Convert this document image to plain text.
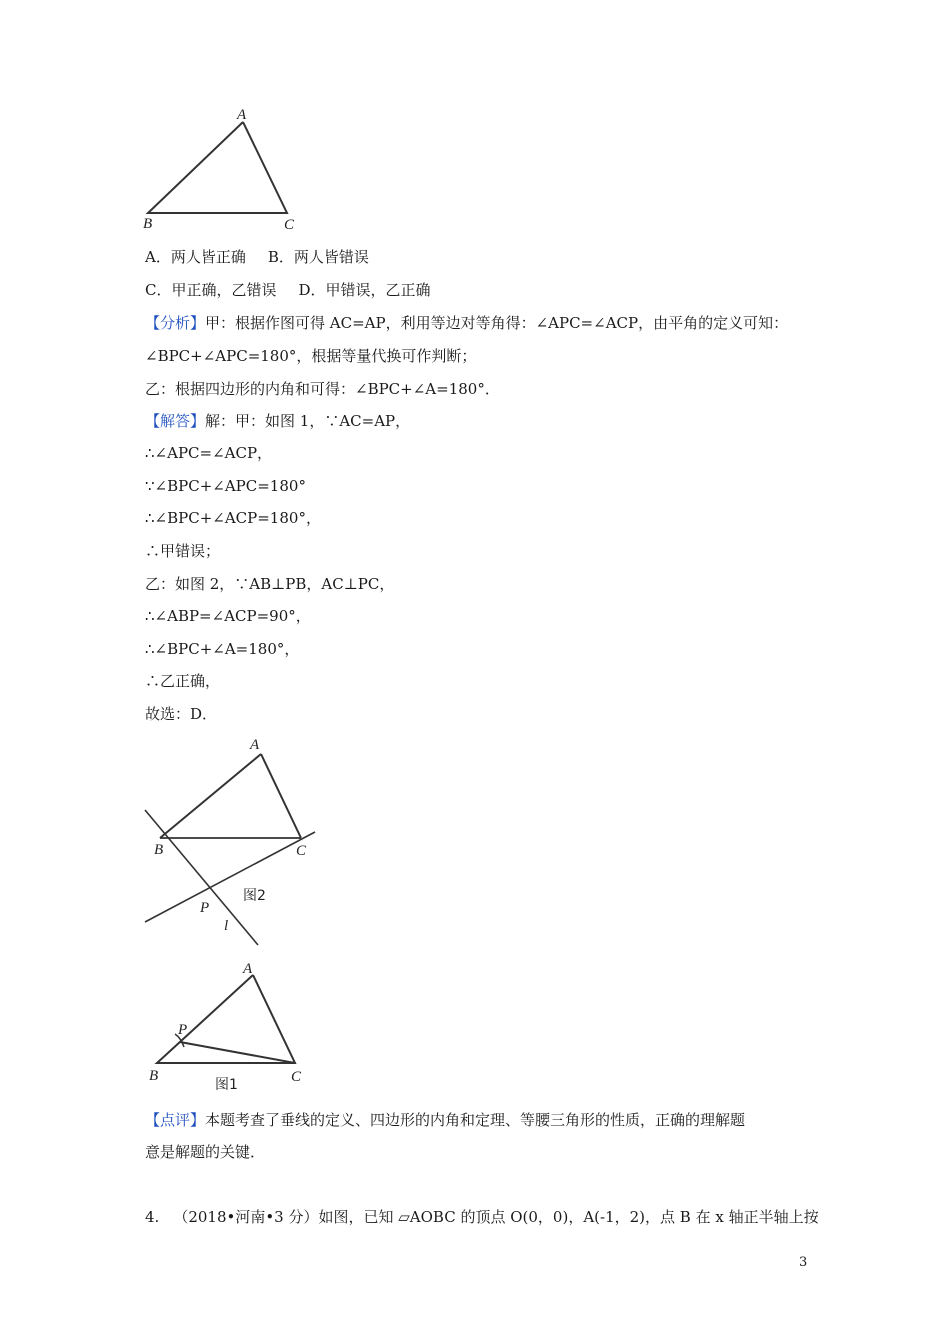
A
B	C
A．两人皆正确 B．两人皆错误
C．甲正确，乙错误 D．甲错误，乙正确
【分析】甲：根据作图可得 AC=AP，利用等边对等角得：∠APC=∠ACP，由平角的定义可知：
∠BPC+∠APC=180°，根据等量代换可作判断；
乙：根据四边形的内角和可得：∠BPC+∠A=180°．
【解答】解：甲：如图 1，∵AC=AP，
∴∠APC=∠ACP，
∵∠BPC+∠APC=180°
∴∠BPC+∠ACP=180°，
∴甲错误；
乙：如图 2，∵AB⊥PB，AC⊥PC，
∴∠ABP=∠ACP=90°，
∴∠BPC+∠A=180°，
∴乙正确，
故选：D．
A
B	C
P
l
图2
A
P
B	C
图1
【点评】本题考查了垂线的定义、四边形的内角和定理、等腰三角形的性质，正确的理解题
意是解题的关键．
4. （2018•河南•3 分）如图，已知 ▱AOBC 的顶点 O(0，0)，A(-1，2)，点 B 在 x 轴正半轴上按
3
